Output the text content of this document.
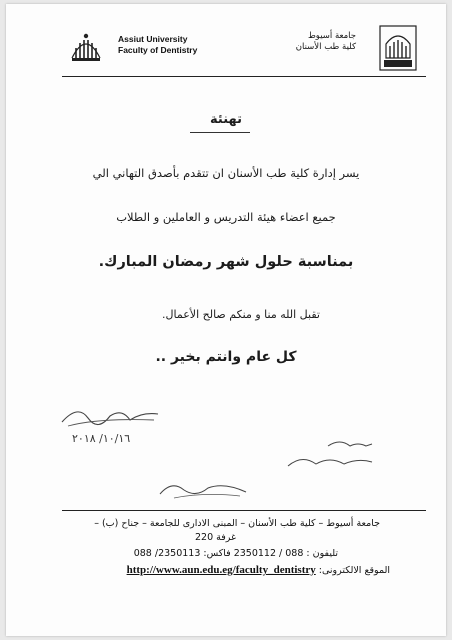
Assiut University
Faculty of Dentistry
جامعة أسيوط
كلية طب الأسنان
تهنئة
يسر إدارة كلية طب الأسنان ان تتقدم بأصدق التهاني الي
جميع اعضاء هيئة التدريس و العاملين و الطلاب
بمناسبة حلول شهر رمضان المبارك.
تقبل الله منا و منكم صالح الأعمال.
كل عام وانتم بخير ..
١٠/١٦/ ٢٠١٨
جامعة أسيوط – كلية طب الأسنان – المبنى الادارى للجامعة – جناح (ب) –
غرفة 220
تليفون : 088 / 2350112 فاكس: 2350113/ 088
الموقع الالكترونى: http://www.aun.edu.eg/faculty_dentistry
